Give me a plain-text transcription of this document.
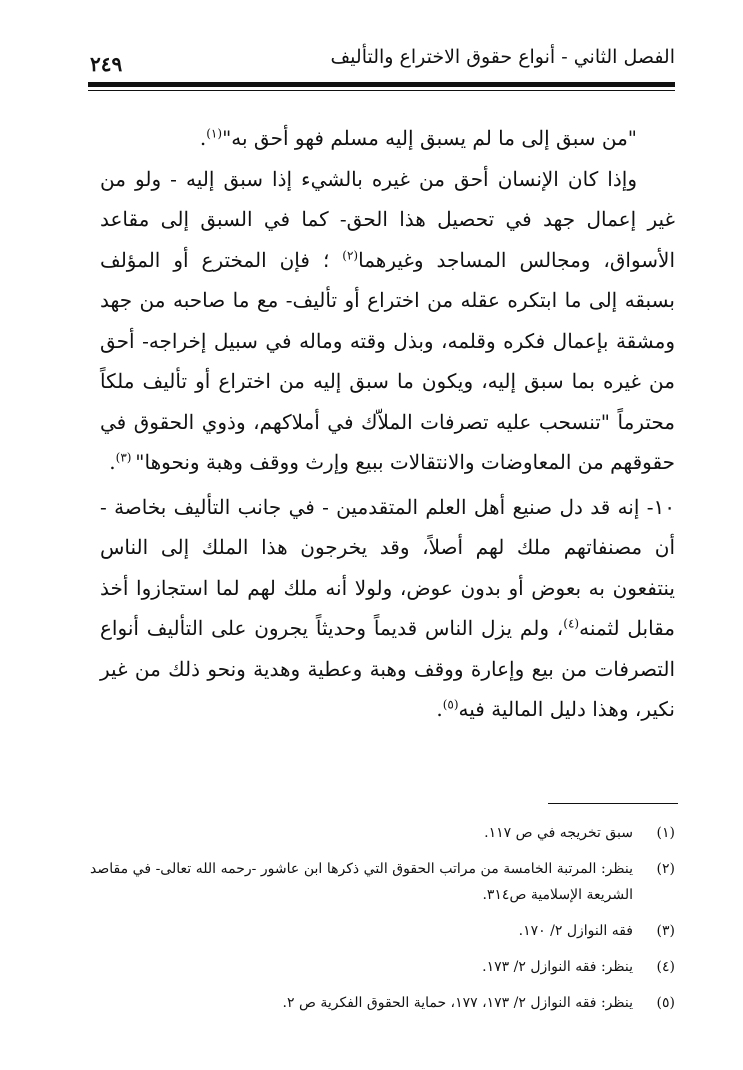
الفصل الثاني - أنواع حقوق الاختراع والتأليف
٢٤٩

"من سبق إلى ما لم يسبق إليه مسلم فهو أحق به"$^{(١)}$.

وإذا كان الإنسان أحق من غيره بالشيء إذا سبق إليه - ولو من غير إعمال جهد في تحصيل هذا الحق- كما في السبق إلى مقاعد الأسواق، ومجالس المساجد وغيرهما$^{(٢)}$ ؛ فإن المخترع أو المؤلف بسبقه إلى ما ابتكره عقله من اختراع أو تأليف- مع ما صاحبه من جهد ومشقة بإعمال فكره وقلمه، وبذل وقته وماله في سبيل إخراجه- أحق من غيره بما سبق إليه، ويكون ما سبق إليه من اختراع أو تأليف ملكاً محترماً "تنسحب عليه تصرفات الملاّك في أملاكهم، وذوي الحقوق في حقوقهم من المعاوضات والانتقالات ببيع وإرث ووقف وهبة ونحوها" $^{(٣)}$.

١٠- إنه قد دل صنيع أهل العلم المتقدمين - في جانب التأليف بخاصة - أن مصنفاتهم ملك لهم أصلاً، وقد يخرجون هذا الملك إلى الناس ينتفعون به بعوض أو بدون عوض، ولولا أنه ملك لهم لما استجازوا أخذ مقابل لثمنه$^{(٤)}$، ولم يزل الناس قديماً وحديثاً يجرون على التأليف أنواع التصرفات من بيع وإعارة ووقف وهبة وعطية وهدية ونحو ذلك من غير نكير، وهذا دليل المالية فيه$^{(٥)}$.

(١)
سبق تخريجه في ص ١١٧.
(٢)
ينظر: المرتبة الخامسة من مراتب الحقوق التي ذكرها ابن عاشور -رحمه الله تعالى- في مقاصد الشريعة الإسلامية ص٣١٤.
(٣)
فقه النوازل ٢/ ١٧٠.
(٤)
ينظر: فقه النوازل ٢/ ١٧٣.
(٥)
ينظر: فقه النوازل ٢/ ١٧٣، ١٧٧، حماية الحقوق الفكرية ص ٢.
